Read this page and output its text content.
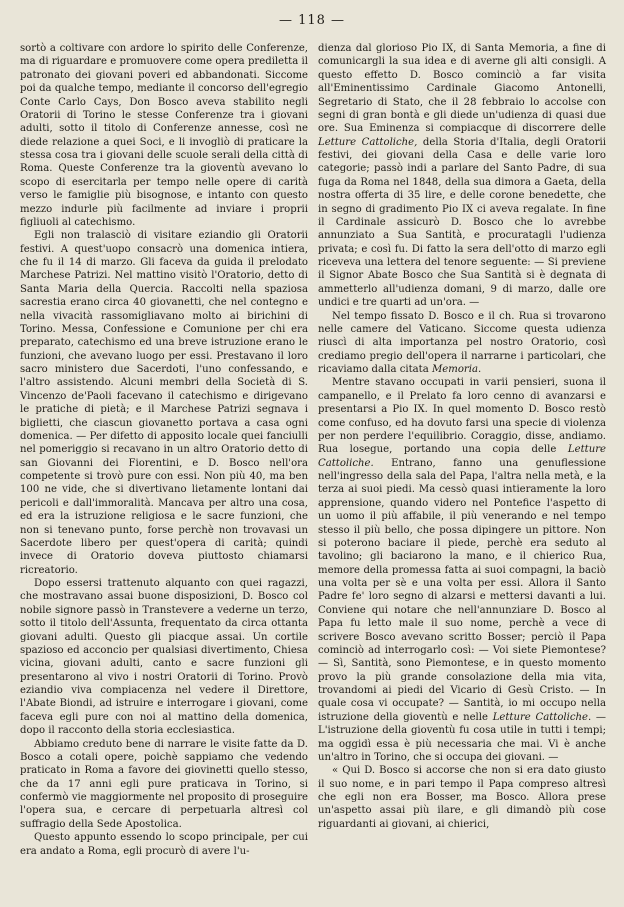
— 118 —

sortò a coltivare con ardore lo spirito delle Conferenze, ma di riguardare e promuovere come opera prediletta il patronato dei giovani poveri ed abbandonati. Siccome poi da qualche tempo, mediante il concorso dell'egregio Conte Carlo Cays, Don Bosco aveva stabilito negli Oratorii di Torino le stesse Conferenze tra i giovani adulti, sotto il titolo di Conferenze annesse, così ne diede relazione a quei Soci, e li invogliò di praticare la stessa cosa tra i giovani delle scuole serali della città di Roma. Queste Conferenze tra la gioventù avevano lo scopo di esercitarla per tempo nelle opere di carità verso le famiglie più bisognose, e intanto con questo mezzo indurle più facilmente ad inviare i proprii figliuoli al catechismo.

Egli non tralasciò di visitare eziandio gli Oratorii festivi. A quest'uopo consacrò una domenica intiera, che fu il 14 di marzo. Gli faceva da guida il prelodato Marchese Patrizi. Nel mattino visitò l'Oratorio, detto di Santa Maria della Quercia. Raccolti nella spaziosa sacrestia erano circa 40 giovanetti, che nel contegno e nella vivacità rassomigliavano molto ai birichini di Torino. Messa, Confessione e Comunione per chi era preparato, catechismo ed una breve istruzione erano le funzioni, che avevano luogo per essi. Prestavano il loro sacro ministero due Sacerdoti, l'uno confessando, e l'altro assistendo. Alcuni membri della Società di S. Vincenzo de'Paoli facevano il catechismo e dirigevano le pratiche di pietà; e il Marchese Patrizi segnava i biglietti, che ciascun giovanetto portava a casa ogni domenica. — Per difetto di apposito locale quei fanciulli nel pomeriggio si recavano in un altro Oratorio detto di san Giovanni dei Fiorentini, e D. Bosco nell'ora competente si trovò pure con essi. Non più 40, ma ben 100 ne vide, che si divertivano lietamente lontani dai pericoli e dall'immoralità. Mancava per altro una cosa, ed era la istruzione religiosa e le sacre funzioni, che non si tenevano punto, forse perchè non trovavasi un Sacerdote libero per quest'opera di carità; quindi invece di Oratorio doveva piuttosto chiamarsi ricreatorio.

Dopo essersi trattenuto alquanto con quei ragazzi, che mostravano assai buone disposizioni, D. Bosco col nobile signore passò in Transtevere a vederne un terzo, sotto il titolo dell'Assunta, frequentato da circa ottanta giovani adulti. Questo gli piacque assai. Un cortile spazioso ed acconcio per qualsiasi divertimento, Chiesa vicina, giovani adulti, canto e sacre funzioni gli presentarono al vivo i nostri Oratorii di Torino. Provò eziandio viva compiacenza nel vedere il Direttore, l'Abate Biondi, ad istruire e interrogare i giovani, come faceva egli pure con noi al mattino della domenica, dopo il racconto della storia ecclesiastica.

Abbiamo creduto bene di narrare le visite fatte da D. Bosco a cotali opere, poichè sappiamo che vedendo praticato in Roma a favore dei giovinetti quello stesso, che da 17 anni egli pure praticava in Torino, si confermò vie maggiormente nel proposito di proseguire l'opera sua, e cercare di perpetuarla altresì col suffragio della Sede Apostolica.

Questo appunto essendo lo scopo principale, per cui era andato a Roma, egli procurò di avere l'u-

dienza dal glorioso Pio IX, di Santa Memoria, a fine di comunicargli la sua idea e di averne gli alti consigli. A questo effetto D. Bosco cominciò a far visita all'Eminentissimo Cardinale Giacomo Antonelli, Segretario di Stato, che il 28 febbraio lo accolse con segni di gran bontà e gli diede un'udienza di quasi due ore. Sua Eminenza si compiacque di discorrere delle Letture Cattoliche, della Storia d'Italia, degli Oratorii festivi, dei giovani della Casa e delle varie loro categorie; passò indi a parlare del Santo Padre, di sua fuga da Roma nel 1848, della sua dimora a Gaeta, della nostra offerta di 35 lire, e delle corone benedette, che in segno di gradimento Pio IX ci aveva regalate. In fine il Cardinale assicurò D. Bosco che lo avrebbe annunziato a Sua Santità, e procuratagli l'udienza privata; e così fu. Di fatto la sera dell'otto di marzo egli riceveva una lettera del tenore seguente: — Si previene il Signor Abate Bosco che Sua Santità si è degnata di ammetterlo all'udienza domani, 9 di marzo, dalle ore undici e tre quarti ad un'ora. —

Nel tempo fissato D. Bosco e il ch. Rua si trovarono nelle camere del Vaticano. Siccome questa udienza riuscì di alta importanza pel nostro Oratorio, così crediamo pregio dell'opera il narrarne i particolari, che ricaviamo dalla citata Memoria.

Mentre stavano occupati in varii pensieri, suona il campanello, e il Prelato fa loro cenno di avanzarsi e presentarsi a Pio IX. In quel momento D. Bosco restò come confuso, ed ha dovuto farsi una specie di violenza per non perdere l'equilibrio. Coraggio, disse, andiamo. Rua losegue, portando una copia delle Letture Cattoliche. Entrano, fanno una genuflessione nell'ingresso della sala del Papa, l'altra nella metà, e la terza ai suoi piedi. Ma cessò quasi intieramente la loro apprensione, quando videro nel Pontefice l'aspetto di un uomo il più affabile, il più venerando e nel tempo stesso il più bello, che possa dipingere un pittore. Non si poterono baciare il piede, perchè era seduto al tavolino; gli baciarono la mano, e il chierico Rua, memore della promessa fatta ai suoi compagni, la baciò una volta per sè e una volta per essi. Allora il Santo Padre fe' loro segno di alzarsi e mettersi davanti a lui. Conviene qui notare che nell'annunziare D. Bosco al Papa fu letto male il suo nome, perchè a vece di scrivere Bosco avevano scritto Bosser; perciò il Papa cominciò ad interrogarlo così: — Voi siete Piemontese? — Sì, Santità, sono Piemontese, e in questo momento provo la più grande consolazione della mia vita, trovandomi ai piedi del Vicario di Gesù Cristo. — In quale cosa vi occupate? — Santità, io mi occupo nella istruzione della gioventù e nelle Letture Cattoliche. — L'istruzione della gioventù fu cosa utile in tutti i tempi; ma oggidì essa è più necessaria che mai. Vi è anche un'altro in Torino, che si occupa dei giovani. —

« Qui D. Bosco si accorse che non si era dato giusto il suo nome, e in pari tempo il Papa compreso altresì che egli non era Bosser, ma Bosco. Allora prese un'aspetto assai più ilare, e gli dimandò più cose riguardanti ai giovani, ai chierici,
